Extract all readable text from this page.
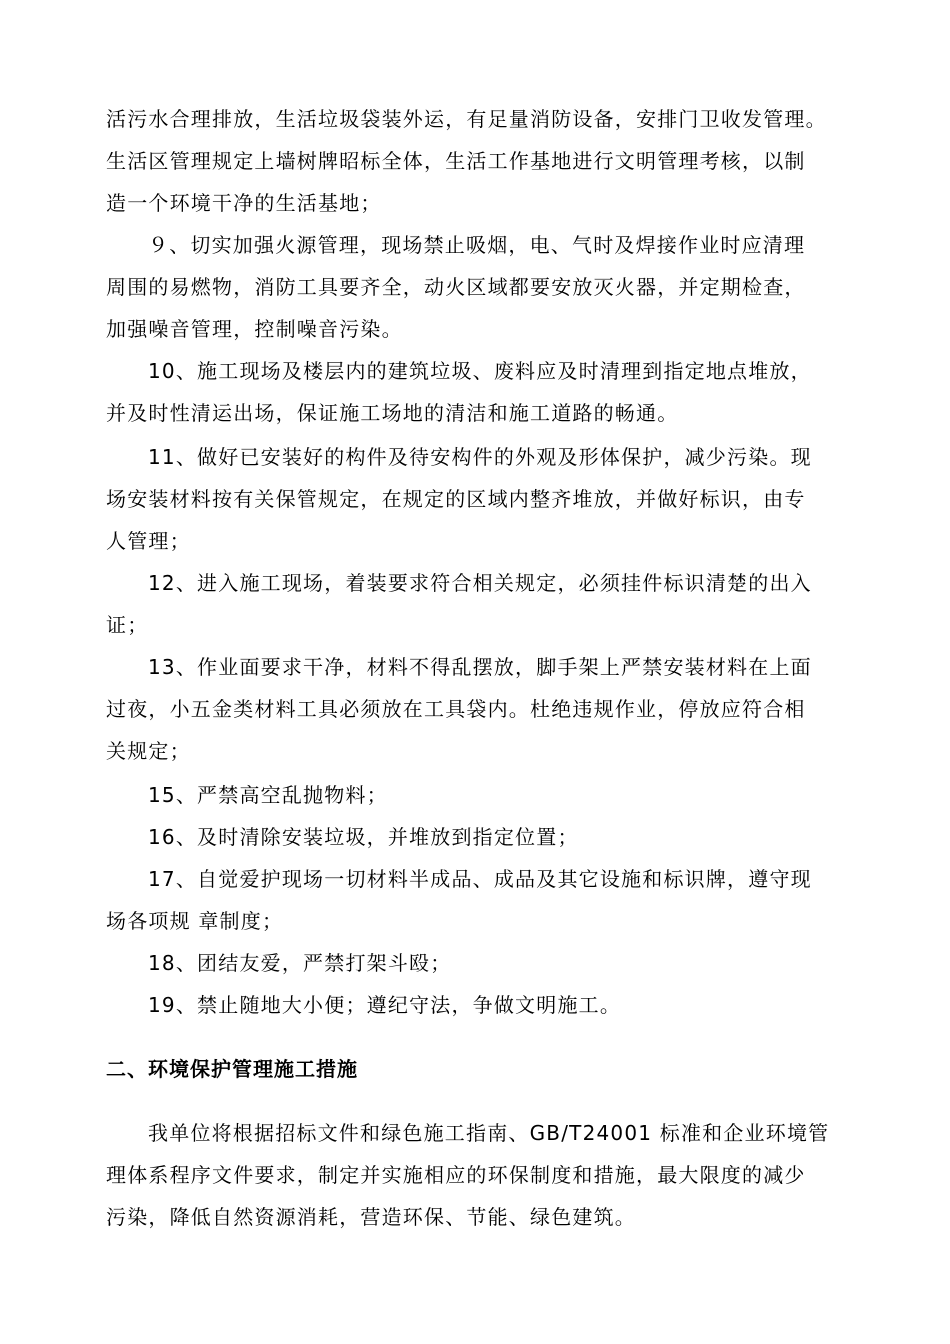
活污水合理排放，生活垃圾袋装外运，有足量消防设备，安排门卫收发管理。
生活区管理规定上墙树牌昭标全体，生活工作基地进行文明管理考核，以制
造一个环境干净的生活基地；
９、切实加强火源管理，现场禁止吸烟，电、气时及焊接作业时应清理
周围的易燃物，消防工具要齐全，动火区域都要安放灭火器，并定期检查，
加强噪音管理，控制噪音污染。
10、施工现场及楼层内的建筑垃圾、废料应及时清理到指定地点堆放，
并及时性清运出场，保证施工场地的清洁和施工道路的畅通。
11、做好已安装好的构件及待安构件的外观及形体保护，减少污染。现
场安装材料按有关保管规定，在规定的区域内整齐堆放，并做好标识，由专
人管理；
12、进入施工现场，着装要求符合相关规定，必须挂件标识清楚的出入
证；
13、作业面要求干净，材料不得乱摆放，脚手架上严禁安装材料在上面
过夜，小五金类材料工具必须放在工具袋内。杜绝违规作业，停放应符合相
关规定；
15、严禁高空乱抛物料；
16、及时清除安装垃圾，并堆放到指定位置；
17、自觉爱护现场一切材料半成品、成品及其它设施和标识牌，遵守现
场各项规 章制度；
18、团结友爱，严禁打架斗殴；
19、禁止随地大小便；遵纪守法，争做文明施工。
二、环境保护管理施工措施
我单位将根据招标文件和绿色施工指南、GB/T24001 标准和企业环境管
理体系程序文件要求，制定并实施相应的环保制度和措施，最大限度的减少
污染，降低自然资源消耗，营造环保、节能、绿色建筑。
